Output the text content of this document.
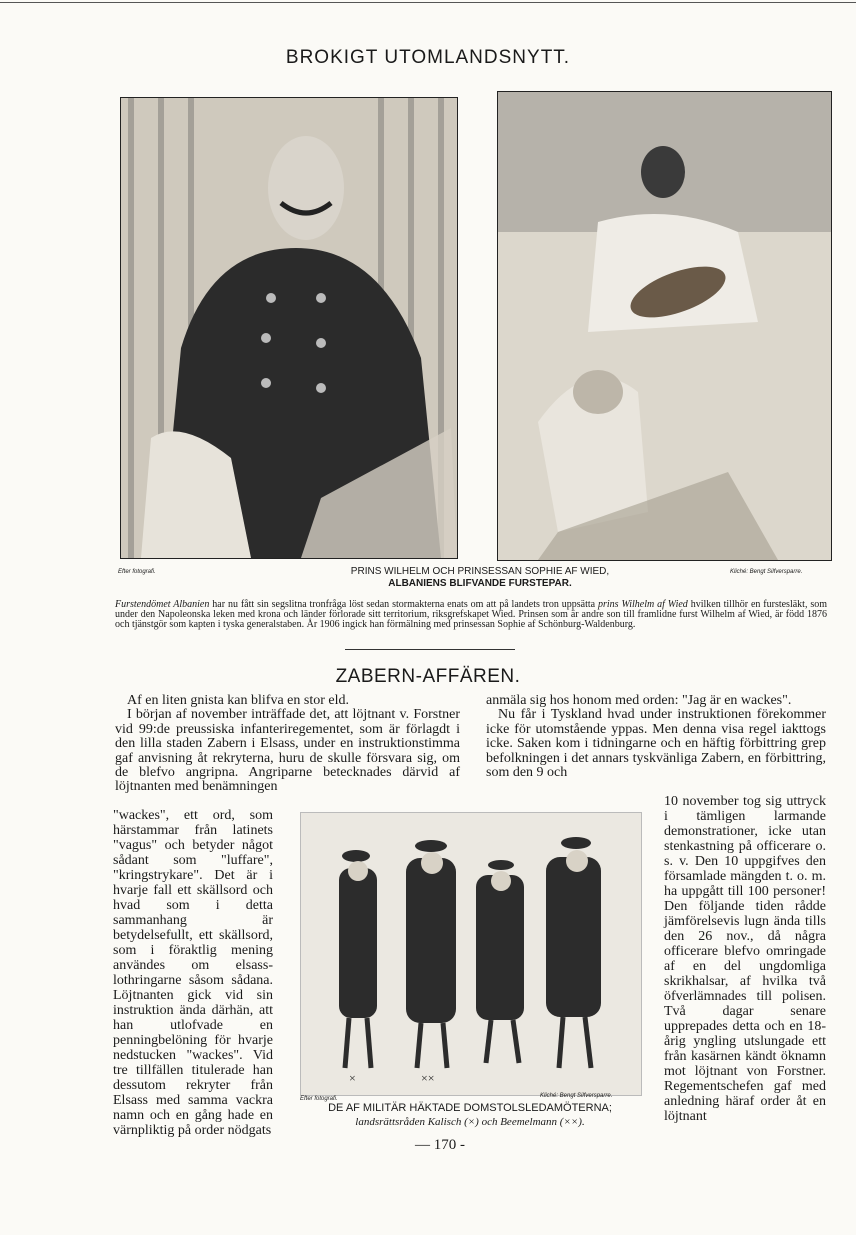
BROKIGT UTOMLANDSNYTT.
Efter fotografi.	Kliché: Bengt Silfversparre.
PRINS WILHELM OCH PRINSESSAN SOPHIE AF WIED,
ALBANIENS BLIFVANDE FURSTEPAR.
Furstendömet Albanien har nu fått sin segslitna tronfråga löst sedan stormakterna enats om att på landets tron uppsätta prins Wilhelm af Wied hvilken tillhör en furstesläkt, som under den Napoleonska leken med krona och länder förlorade sitt territorium, riksgrefskapet Wied. Prinsen som är andre son till framlidne furst Wilhelm af Wied, är född 1876 och tjänstgör som kapten i tyska generalstaben. År 1906 ingick han förmälning med prinsessan Sophie af Schönburg-Waldenburg.
ZABERN-AFFÄREN.

Af en liten gnista kan blifva en stor eld.

I början af november inträffade det, att löjtnant v. Forstner vid 99:de preussiska infanteriregementet, som är förlagdt i den lilla staden Zabern i Elsass, under en instruktionstimma gaf anvisning åt rekryterna, huru de skulle försvara sig, om de blefvo angripna. Angriparne betecknades därvid af löjtnanten med benämningen

"wackes", ett ord, som härstammar från latinets "vagus" och betyder något sådant som "luffare", "kringstrykare". Det är i hvarje fall ett skällsord och hvad som i detta sammanhang är betydelsefullt, ett skällsord, som i föraktlig mening användes om elsass-lothringarne såsom sådana. Löjtnanten gick vid sin instruktion ända därhän, att han utlofvade en penningbelöning för hvarje nedstucken "wackes". Vid tre tillfällen titulerade han dessutom rekryter från Elsass med samma vackra namn och en gång hade en värnpliktig på order nödgats

anmäla sig hos honom med orden: "Jag är en wackes".

Nu får i Tyskland hvad under instruktionen förekommer icke för utomstående yppas. Men denna visa regel iakttogs icke. Saken kom i tidningarne och en häftig förbittring grep befolkningen i det annars tyskvänliga Zabern, en förbittring, som den 9 och

10 november tog sig uttryck i tämligen larmande demonstrationer, icke utan stenkastning på officerare o. s. v. Den 10 uppgifves den församlade mängden t. o. m. ha uppgått till 100 personer! Den följande tiden rådde jämförelsevis lugn ända tills den 26 nov., då några officerare blefvo omringade af en del ungdomliga skrikhalsar, af hvilka två öfverlämnades till polisen. Två dagar senare upprepades detta och en 18-årig yngling utslungade ett från kasärnen kändt öknamn mot löjtnant von Forstner. Regementschefen gaf med anledning häraf order åt en löjtnant
×	××
Efter fotografi.	Kliché: Bengt Silfversparre.
DE AF MILITÄR HÄKTADE DOMSTOLSLEDAMÖTERNA;
landsrättsråden Kalisch (×) och Beemelmann (××).
— 170 -
